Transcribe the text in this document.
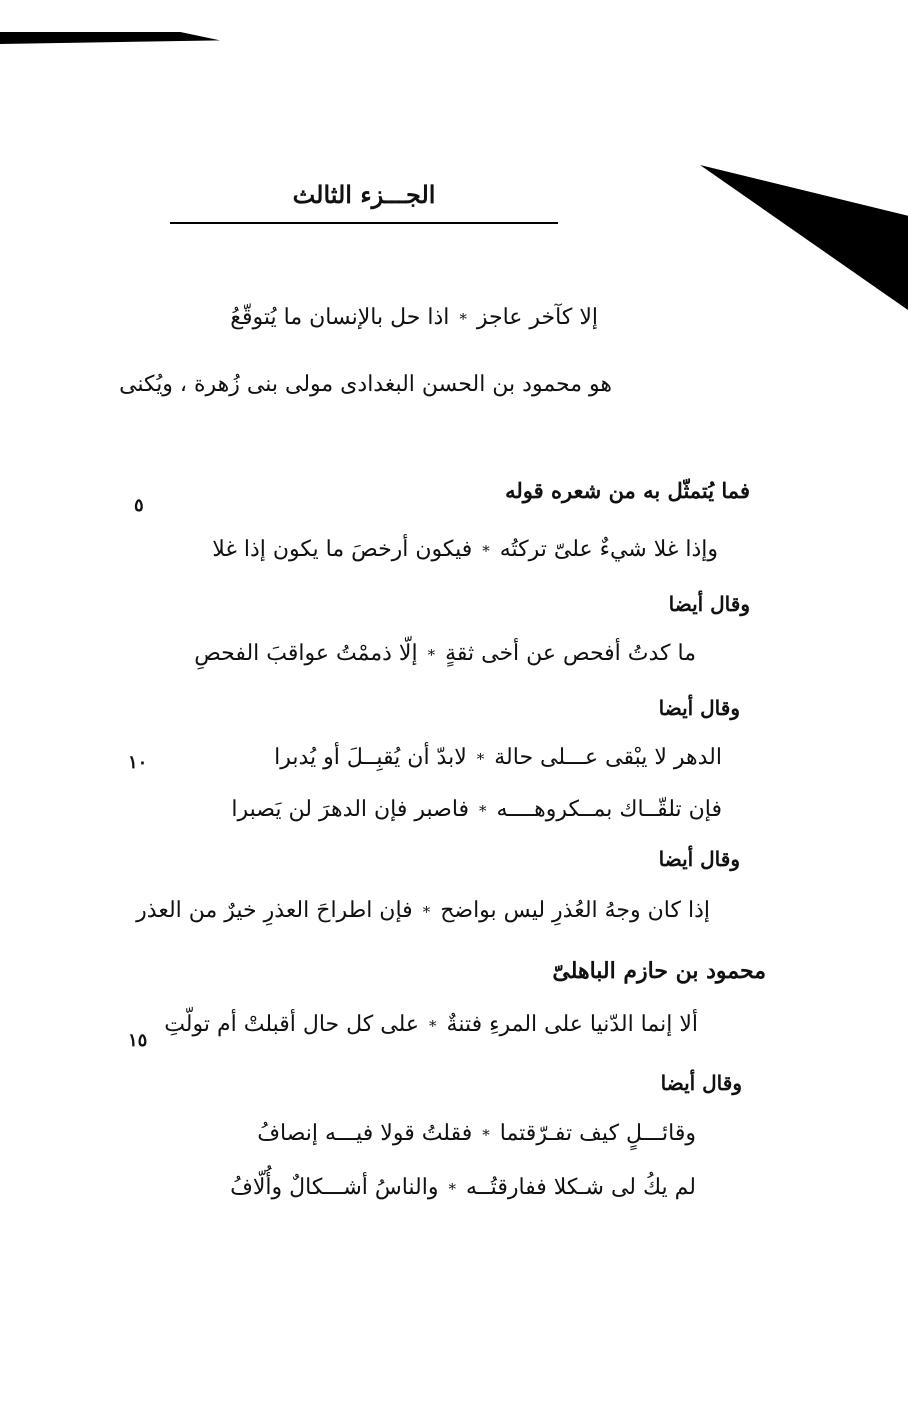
الجـــزء الثالث
إلا كآخر عاجز
*
اذا حل بالإنسان ما يُتوقّعُ
هو محمود بن الحسن البغدادى مولى بنى زُهرة ، ويُكنى
فما يُتمثّل به من شعره قوله
وإذا غلا شيءٌ علىّ تركتُه
*
فيكون أرخصَ ما يكون إذا غلا
وقال أيضا
ما كدتُ أفحص عن أخى ثقةٍ
*
إلّا ذممْتُ عواقبَ الفحصِ
وقال أيضا
الدهر لا يبْقى عـــلى حالة
*
لابدّ أن يُقبِــلَ أو يُدبرا
فإن تلقّــاك بمــكروهــــه
*
فاصبر فإن الدهرَ لن يَصبرا
وقال أيضا
إذا كان وجهُ العُذرِ ليس بواضح
*
فإن اطراحَ العذرِ خيرٌ من العذر
محمود بن حازم الباهلىّ
ألا إنما الدّنيا على المرءِ فتنةٌ
*
على كل حال أقبلتْ أم تولّتِ
وقال أيضا
وقائـــلٍ كيف تفـرّقتما
*
فقلتُ قولا فيـــه إنصافُ
لم يكُ لى شـكلا ففارقتُــه
*
والناسُ أشـــكالٌ وأُلّافُ
٥
١٠
١٥
